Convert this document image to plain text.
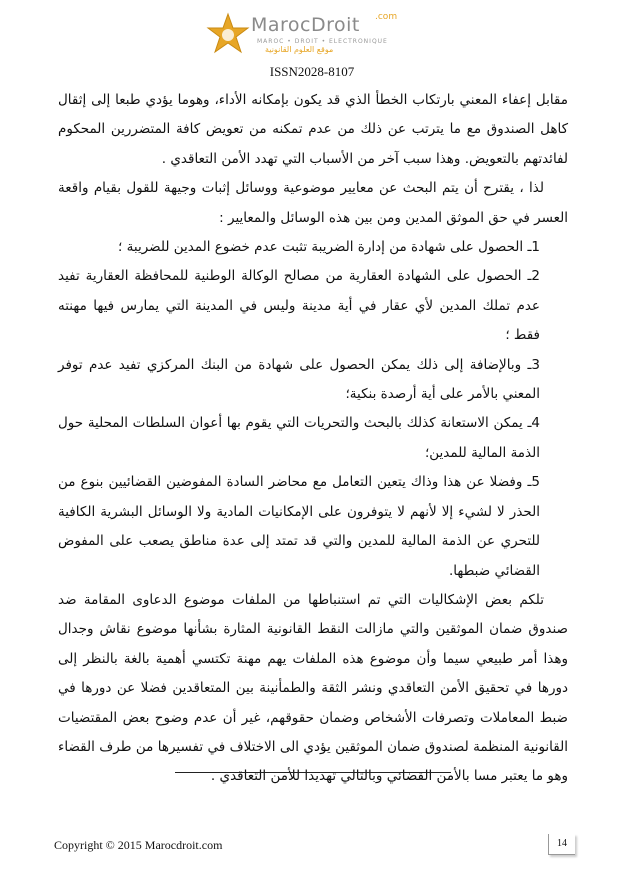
MarocDroit .com
MAROC • DROIT • ELECTRONIQUE
موقع العلوم القانونية
ISSN2028-8107

مقابل إعفاء المعني بارتكاب الخطأ الذي قد يكون بإمكانه الأداء، وهوما يؤدي طبعا إلى إثقال كاهل الصندوق مع ما يترتب عن ذلك من عدم تمكنه من تعويض كافة المتضررين المحكوم لفائدتهم بالتعويض. وهذا سبب آخر من الأسباب التي تهدد الأمن التعاقدي .

لذا ، يقترح أن يتم البحث عن معايير موضوعية ووسائل إثبات وجيهة للقول بقيام واقعة العسر في حق الموثق المدين ومن بين هذه الوسائل والمعايير :

1ـ الحصول على شهادة من إدارة الضريبة تثبت عدم خضوع المدين للضريبة ؛

2ـ الحصول على الشهادة العقارية من مصالح الوكالة الوطنية للمحافظة العقارية تفيد عدم تملك المدين لأي عقار في أية مدينة وليس في المدينة التي يمارس فيها مهنته فقط ؛

3ـ وبالإضافة إلى ذلك يمكن الحصول على شهادة من البنك المركزي تفيد عدم توفر المعني بالأمر على أية أرصدة بنكية؛

4ـ يمكن الاستعانة كذلك بالبحث والتحريات التي يقوم بها أعوان السلطات المحلية حول الذمة المالية للمدين؛

5ـ وفضلا عن هذا وذاك يتعين التعامل مع محاضر السادة المفوضين القضائيين بنوع من الحذر لا لشيء إلا لأنهم لا يتوفرون على الإمكانيات المادية ولا الوسائل البشرية الكافية للتحري عن الذمة المالية للمدين والتي قد تمتد إلى عدة مناطق يصعب على المفوض القضائي ضبطها.

تلكم بعض الإشكاليات التي تم استنباطها من الملفات موضوع الدعاوى المقامة ضد صندوق ضمان الموثقين والتي مازالت النقط القانونية المثارة بشأنها موضوع نقاش وجدال وهذا أمر طبيعي سيما وأن موضوع هذه الملفات يهم مهنة تكتسي أهمية بالغة بالنظر إلى دورها في تحقيق الأمن التعاقدي ونشر الثقة والطمأنينة بين المتعاقدين فضلا عن دورها في ضبط المعاملات وتصرفات الأشخاص وضمان حقوقهم، غير أن عدم وضوح بعض المقتضيات القانونية المنظمة لصندوق ضمان الموثقين يؤدي الى الاختلاف في تفسيرها من طرف القضاء وهو ما يعتبر مسا بالأمن القضائي وبالتالي تهديدا للأمن التعاقدي .

Copyright © 2015 Marocdroit.com	14
